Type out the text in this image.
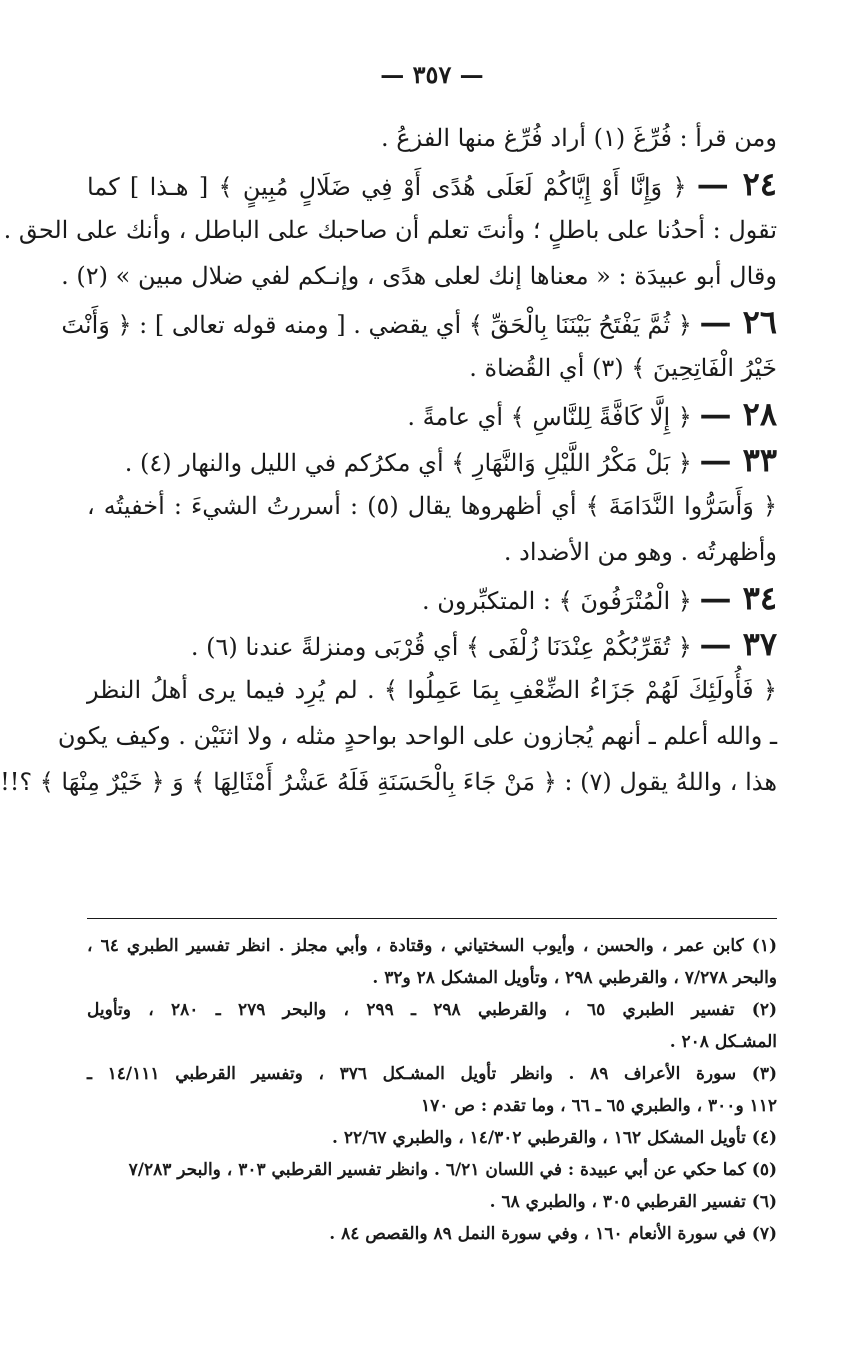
— ٣٥٧ —

ومن قرأ : فُرِّغَ (١) أراد فُرِّغ منها الفزعُ .

٢٤ — ﴿ وَإِنَّا أَوْ إِيَّاكُمْ لَعَلَى هُدًى أَوْ فِي ضَلَالٍ مُبِينٍ ﴾ [ هـذا ] كما

تقول : أحدُنا على باطلٍ ؛ وأنتَ تعلم أن صاحبك على الباطل ، وأنك على الحق .

وقال أبو عبيدَة : « معناها إنك لعلى هدًى ، وإنـكم لفي ضلال مبين » (٢) .

٢٦ — ﴿ ثُمَّ يَفْتَحُ بَيْنَنَا بِالْحَقِّ ﴾ أي يقضي . [ ومنه قوله تعالى ] : ﴿ وَأَنْتَ

خَيْرُ الْفَاتِحِينَ ﴾ (٣) أي القُضاة .

٢٨ — ﴿ إِلَّا كَافَّةً لِلنَّاسِ ﴾ أي عامةً .

٣٣ — ﴿ بَلْ مَكْرُ اللَّيْلِ وَالنَّهَارِ ﴾ أي مكرُكم في الليل والنهار (٤) .

﴿ وَأَسَرُّوا النَّدَامَةَ ﴾ أي أظهروها يقال (٥) : أسررتُ الشيءَ : أخفيتُه ،

وأظهرتُه . وهو من الأضداد .

٣٤ — ﴿ الْمُتْرَفُونَ ﴾ : المتكبِّرون .

٣٧ — ﴿ تُقَرِّبُكُمْ عِنْدَنَا زُلْفَى ﴾ أي قُرْبَى ومنزلةً عندنا (٦) .

﴿ فَأُولَئِكَ لَهُمْ جَزَاءُ الضِّعْفِ بِمَا عَمِلُوا ﴾ . لم يُرِد فيما يرى أهلُ النظر

ـ والله أعلم ـ أنهم يُجازون على الواحد بواحدٍ مثله ، ولا اثنَيْن . وكيف يكون

هذا ، واللهُ يقول (٧) : ﴿ مَنْ جَاءَ بِالْحَسَنَةِ فَلَهُ عَشْرُ أَمْثَالِهَا ﴾ وَ ﴿ خَيْرٌ مِنْهَا ﴾ ؟!!

(١) كابن عمر ، والحسن ، وأيوب السختياني ، وقتادة ، وأبي مجلز . انظر تفسير الطبري ٦٤ ،

والبحر ٧/٢٧٨ ، والقرطبي ٢٩٨ ، وتأويل المشكل ٢٨ و٣٢ .

(٢) تفسير الطبري ٦٥ ، والقرطبي ٢٩٨ ـ ٢٩٩ ، والبحر ٢٧٩ ـ ٢٨٠ ، وتأويل

المشـكل ٢٠٨ .

(٣) سورة الأعراف ٨٩ . وانظر تأويل المشـكل ٣٧٦ ، وتفسير القرطبي ١٤/١١١ ـ

١١٢ و٣٠٠ ، والطبري ٦٥ ـ ٦٦ ، وما تقدم : ص ١٧٠

(٤) تأويل المشكل ١٦٢ ، والقرطبي ١٤/٣٠٢ ، والطبري ٢٢/٦٧ .

(٥) كما حكي عن أبي عبيدة : في اللسان ٦/٢١ . وانظر تفسير القرطبي ٣٠٣ ، والبحر ٧/٢٨٣

(٦) تفسير القرطبي ٣٠٥ ، والطبري ٦٨ .

(٧) في سورة الأنعام ١٦٠ ، وفي سورة النمل ٨٩ والقصص ٨٤ .
